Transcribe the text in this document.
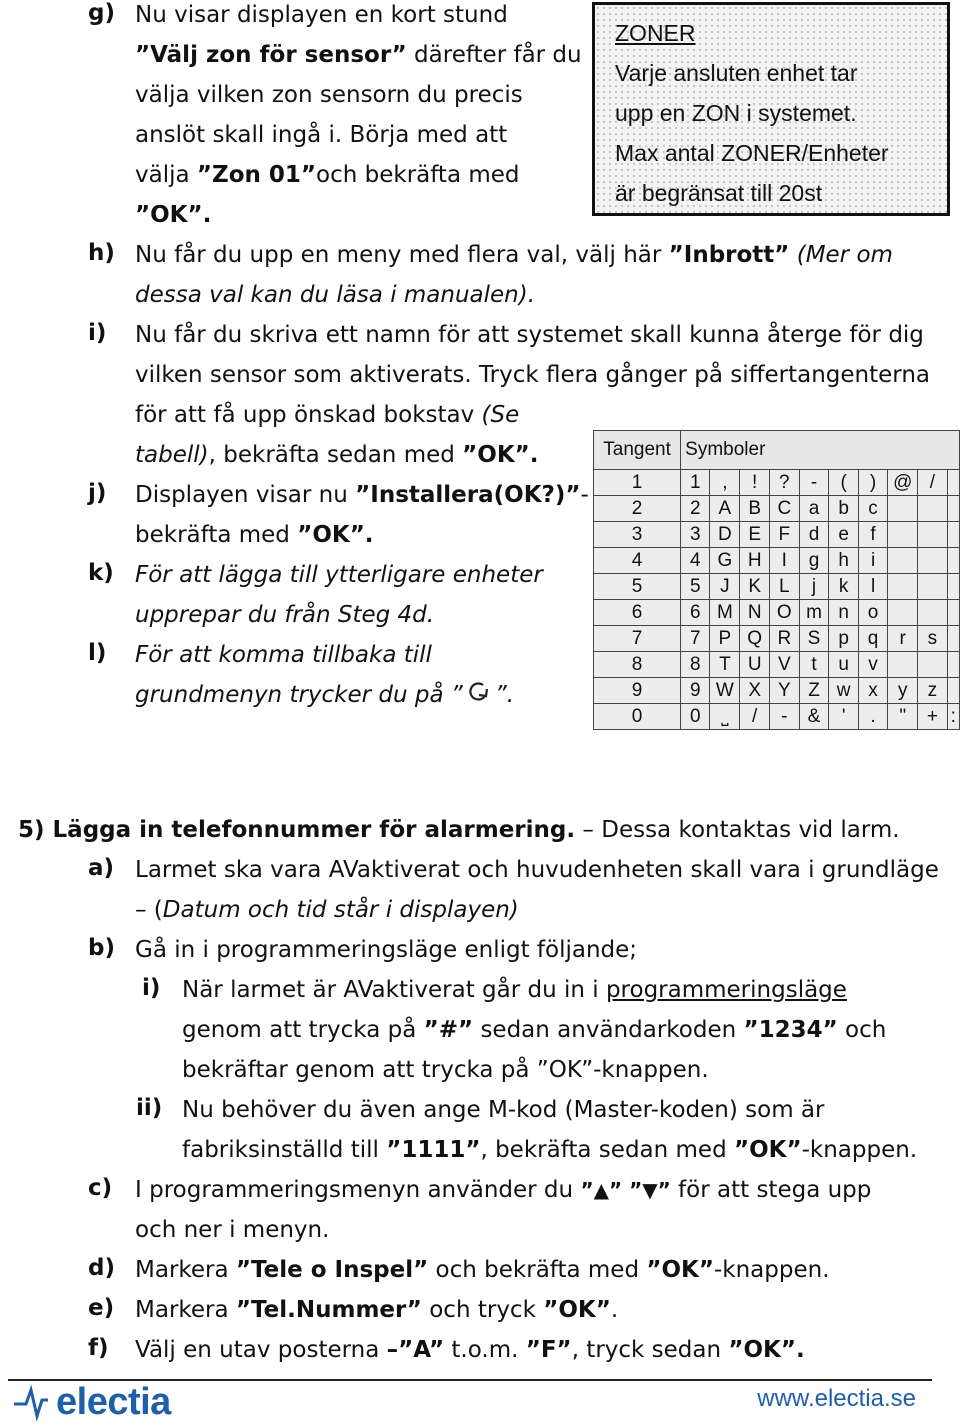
g) Nu visar displayen en kort stund
”Välj zon för sensor” därefter får du
välja vilken zon sensorn du precis
anslöt skall ingå i. Börja med att
välja ”Zon 01”och bekräfta med
”OK”.
ZONER
Varje ansluten enhet tar
upp en ZON i systemet.
Max antal ZONER/Enheter
är begränsat till 20st
h) Nu får du upp en meny med flera val, välj här ”Inbrott” (Mer om
dessa val kan du läsa i manualen).
i) Nu får du skriva ett namn för att systemet skall kunna återge för dig
vilken sensor som aktiverats. Tryck flera gånger på siffertangenterna
för att få upp önskad bokstav (Se
tabell), bekräfta sedan med ”OK”.
j) Displayen visar nu ”Installera(OK?)”-
bekräfta med ”OK”.
k) För att lägga till ytterligare enheter
upprepar du från Steg 4d.
l) För att komma tillbaka till
grundmenyn trycker du på ” ”.
Tangent	Symboler									
1	1	,	!	?	-	(	)	@	/	
2	2	A	B	C	a	b	c			
3	3	D	E	F	d	e	f			
4	4	G	H	I	g	h	i			
5	5	J	K	L	j	k	l			
6	6	M	N	O	m	n	o			
7	7	P	Q	R	S	p	q	r	s	
8	8	T	U	V	t	u	v			
9	9	W	X	Y	Z	w	x	y	z	
0	0	˽	/	-	&	'	.	"	+	:
5) Lägga in telefonnummer för alarmering. – Dessa kontaktas vid larm.
a) Larmet ska vara AVaktiverat och huvudenheten skall vara i grundläge
– (Datum och tid står i displayen)
b) Gå in i programmeringsläge enligt följande;
i) När larmet är AVaktiverat går du in i programmeringsläge
genom att trycka på ”#” sedan användarkoden ”1234” och
bekräftar genom att trycka på ”OK”-knappen.
ii) Nu behöver du även ange M-kod (Master-koden) som är
fabriksinställd till ”1111”, bekräfta sedan med ”OK”-knappen.
c) I programmeringsmenyn använder du ”▲” ”▼” för att stega upp
och ner i menyn.
d) Markera ”Tele o Inspel” och bekräfta med ”OK”-knappen.
e) Markera ”Tel.Nummer” och tryck ”OK”.
f) Välj en utav posterna –”A” t.o.m. ”F”, tryck sedan ”OK”.
electia	www.electia.se
